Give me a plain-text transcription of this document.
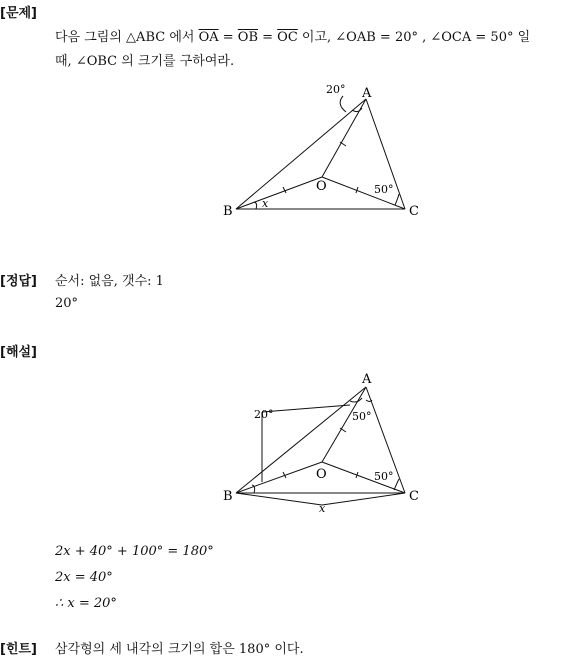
[문제]
다음 그림의 △ABC 에서 $\overline{OA} = \overline{OB} = \overline{OC}$ 이고, ∠OAB = 20° , ∠OCA = 50° 일
때, ∠OBC 의 크기를 구하여라.
A
B	C
O
20°
50°
x
[정답] 순서: 없음, 갯수: 1
20°
[해설]
A
B	C
O
20°	50°
50°
x
2x + 40° + 100° = 180°
2x = 40°
∴ x = 20°
[힌트] 삼각형의 세 내각의 크기의 합은 180° 이다.
